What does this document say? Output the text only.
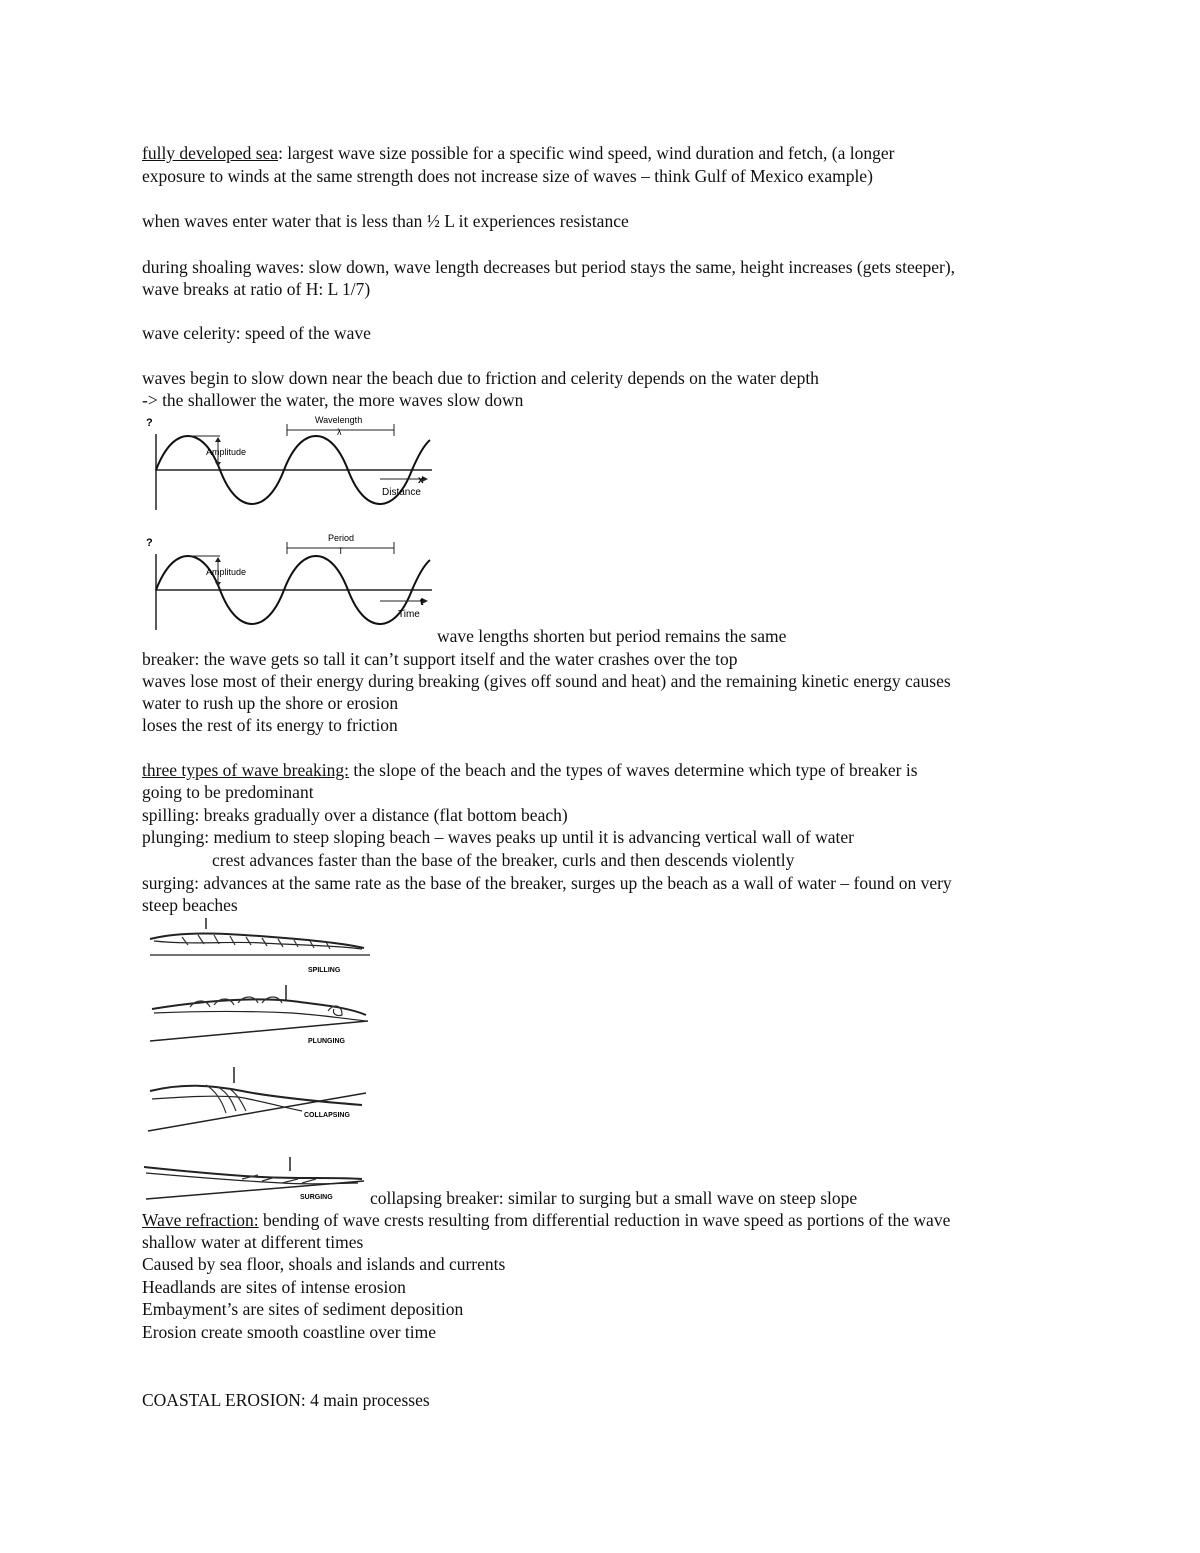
fully developed sea: largest wave size possible for a specific wind speed, wind duration and fetch, (a longer
exposure to winds at the same strength does not increase size of waves – think Gulf of Mexico example)
when waves enter water that is less than ½ L it experiences resistance
during shoaling waves: slow down, wave length decreases but period stays the same, height increases (gets steeper),
wave breaks at ratio of H: L 1/7)
wave celerity: speed of the wave
waves begin to slow down near the beach due to friction and celerity depends on the water depth
-> the shallower the water, the more waves slow down
?
Amplitude
Wavelength
λ
x
Distance
?
Amplitude
Period
T
t
Time
wave lengths shorten but period remains the same
breaker: the wave gets so tall it can’t support itself and the water crashes over the top
waves lose most of their energy during breaking (gives off sound and heat) and the remaining kinetic energy causes
water to rush up the shore or erosion
loses the rest of its energy to friction
three types of wave breaking: the slope of the beach and the types of waves determine which type of breaker is
going to be predominant
spilling: breaks gradually over a distance (flat bottom beach)
plunging: medium to steep sloping beach – waves peaks up until it is advancing vertical wall of water
crest advances faster than the base of the breaker, curls and then descends violently
surging: advances at the same rate as the base of the breaker, surges up the beach as a wall of water – found on very
steep beaches
SPILLING
PLUNGING
COLLAPSING
SURGING collapsing breaker: similar to surging but a small wave on steep slope
Wave refraction: bending of wave crests resulting from differential reduction in wave speed as portions of the wave
shallow water at different times
Caused by sea floor, shoals and islands and currents
Headlands are sites of intense erosion
Embayment’s are sites of sediment deposition
Erosion create smooth coastline over time
COASTAL EROSION: 4 main processes
